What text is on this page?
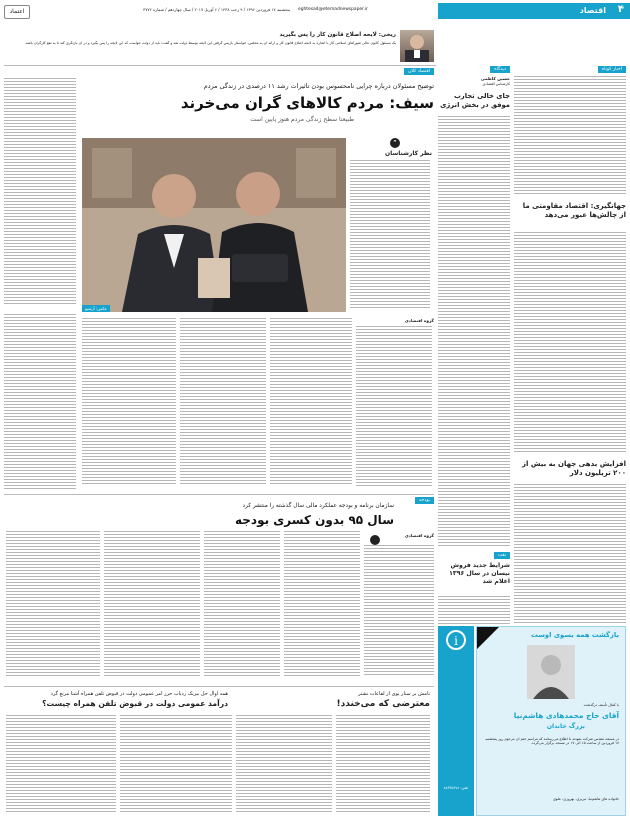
اعتماد	پنجشنبه ۱۷ فروردین ۱۳۹۶ / ۹ رجب ۱۴۳۸ / ۶ آوریل ۲۰۱۷ / سال چهاردهم / شماره ۳۷۷۶ eghtesad@etemadnewspaper.ir	اقتصاد ۴
ریخی: لایحه اصلاح قانون کار را پس بگیرید
یک مسئول کانون عالی شوراهای اسلامی کار با اشاره به لایحه اصلاح قانون کار و ارائه آن به مجلس، خواستار بازپس گرفتن این لایحه توسط دولت شد و گفت: باید از دولت خواست که این لایحه را پس بگیرد و در آن بازنگری کند تا به نفع کارگران باشد.
اخبار کوتاه
جهانگیری: اقتصاد مقاومتی ما از چالش‌ها عبور می‌دهد
افزایش بدهی جهان به بیش از ۲۰۰ تریلیون دلار
دیدگاه
حسین کاظمی
کارشناس اقتصادی
جای خالی تجارب موفق در بخش انرژی
نفت
شرایط جدید فروش نیسان در سال ۱۳۹۶ اعلام شد
اقتصاد کلان
توضیح مسئولان درباره چرایی نامحسوس بودن تاثیرات رشد ۱۱ درصدی در زندگی مردم
سیف: مردم کالاهای گران می‌خرند
طبیعتا سطح زندگی مردم هنوز پایین است
عکس: آرشیو
”
نظر کارشناسان
گروه اقتصادی
بودجه
سازمان برنامه و بودجه عملکرد مالی سال گذشته را منتشر کرد
سال ۹۵ بدون کسری بودجه
گروه اقتصادی
همه اوال حل بیرنک ردیاب حرز امر عمومی دولت در قبوض تلفن همراه آشنا مرتع گرد
درآمد عمومی دولت در قبوض تلفن همراه چیست؟
نامش بر سنار یوی از لقا‌عات نشتر
معترضی که می‌خندد!
i
تلفن: ۸۸۳۴۵۶۷۸
بازگشت همه بسوی اوست
با کمال تأسف درگذشت
آقای حاج محمدهادی هاشم‌نیا
بزرگ خاندان
در مسجد مقدس شرکت نمودند تا اطلاع می‌رسانند که مراسم ختم آن مرحوم روز پنجشنبه ۱۷ فروردین از ساعت ۱۵ الی ۱۷ در مسجد برگزار می‌گردد.
خانواده های هاشم‌نیا، تبریزی، بهروزی، علوی
